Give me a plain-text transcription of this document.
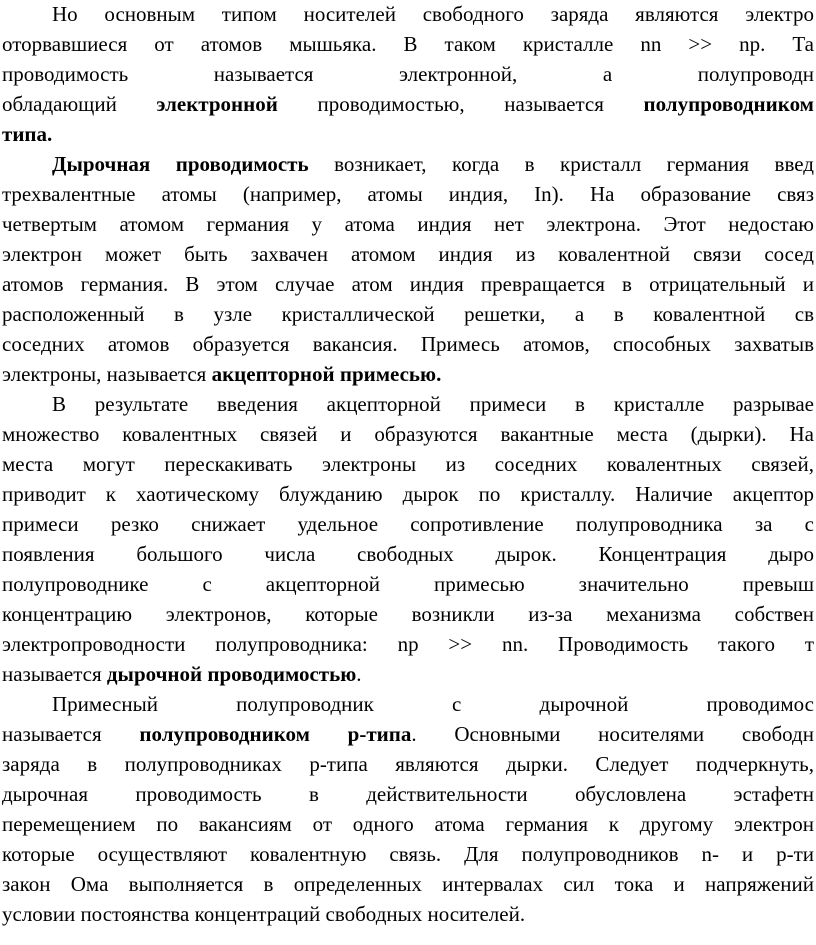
Но основным типом носителей свободного заряда являются электро
оторвавшиеся от атомов мышьяка. В таком кристалле nn >> np. Та
проводимость называется электронной, а полупроводн
обладающий электронной проводимостью, называется полупроводником
типа.
Дырочная проводимость возникает, когда в кристалл германия введ
трехвалентные атомы (например, атомы индия, In). На образование связ
четвертым атомом германия у атома индия нет электрона. Этот недостаю
электрон может быть захвачен атомом индия из ковалентной связи сосед
атомов германия. В этом случае атом индия превращается в отрицательный и
расположенный в узле кристаллической решетки, а в ковалентной св
соседних атомов образуется вакансия. Примесь атомов, способных захватыв
электроны, называется акцепторной примесью.
В результате введения акцепторной примеси в кристалле разрывае
множество ковалентных связей и образуются вакантные места (дырки). На
места могут перескакивать электроны из соседних ковалентных связей,
приводит к хаотическому блужданию дырок по кристаллу. Наличие акцептор
примеси резко снижает удельное сопротивление полупроводника за с
появления большого числа свободных дырок. Концентрация дыро
полупроводнике с акцепторной примесью значительно превыш
концентрацию электронов, которые возникли из-за механизма собствен
электропроводности полупроводника: np >> nn. Проводимость такого т
называется дырочной проводимостью.
Примесный полупроводник с дырочной проводимос
называется полупроводником р-типа. Основными носителями свободн
заряда в полупроводниках р-типа являются дырки. Следует подчеркнуть,
дырочная проводимость в действительности обусловлена эстафетн
перемещением по вакансиям от одного атома германия к другому электрон
которые осуществляют ковалентную связь. Для полупроводников n- и р-ти
закон Ома выполняется в определенных интервалах сил тока и напряжений
условии постоянства концентраций свободных носителей.
